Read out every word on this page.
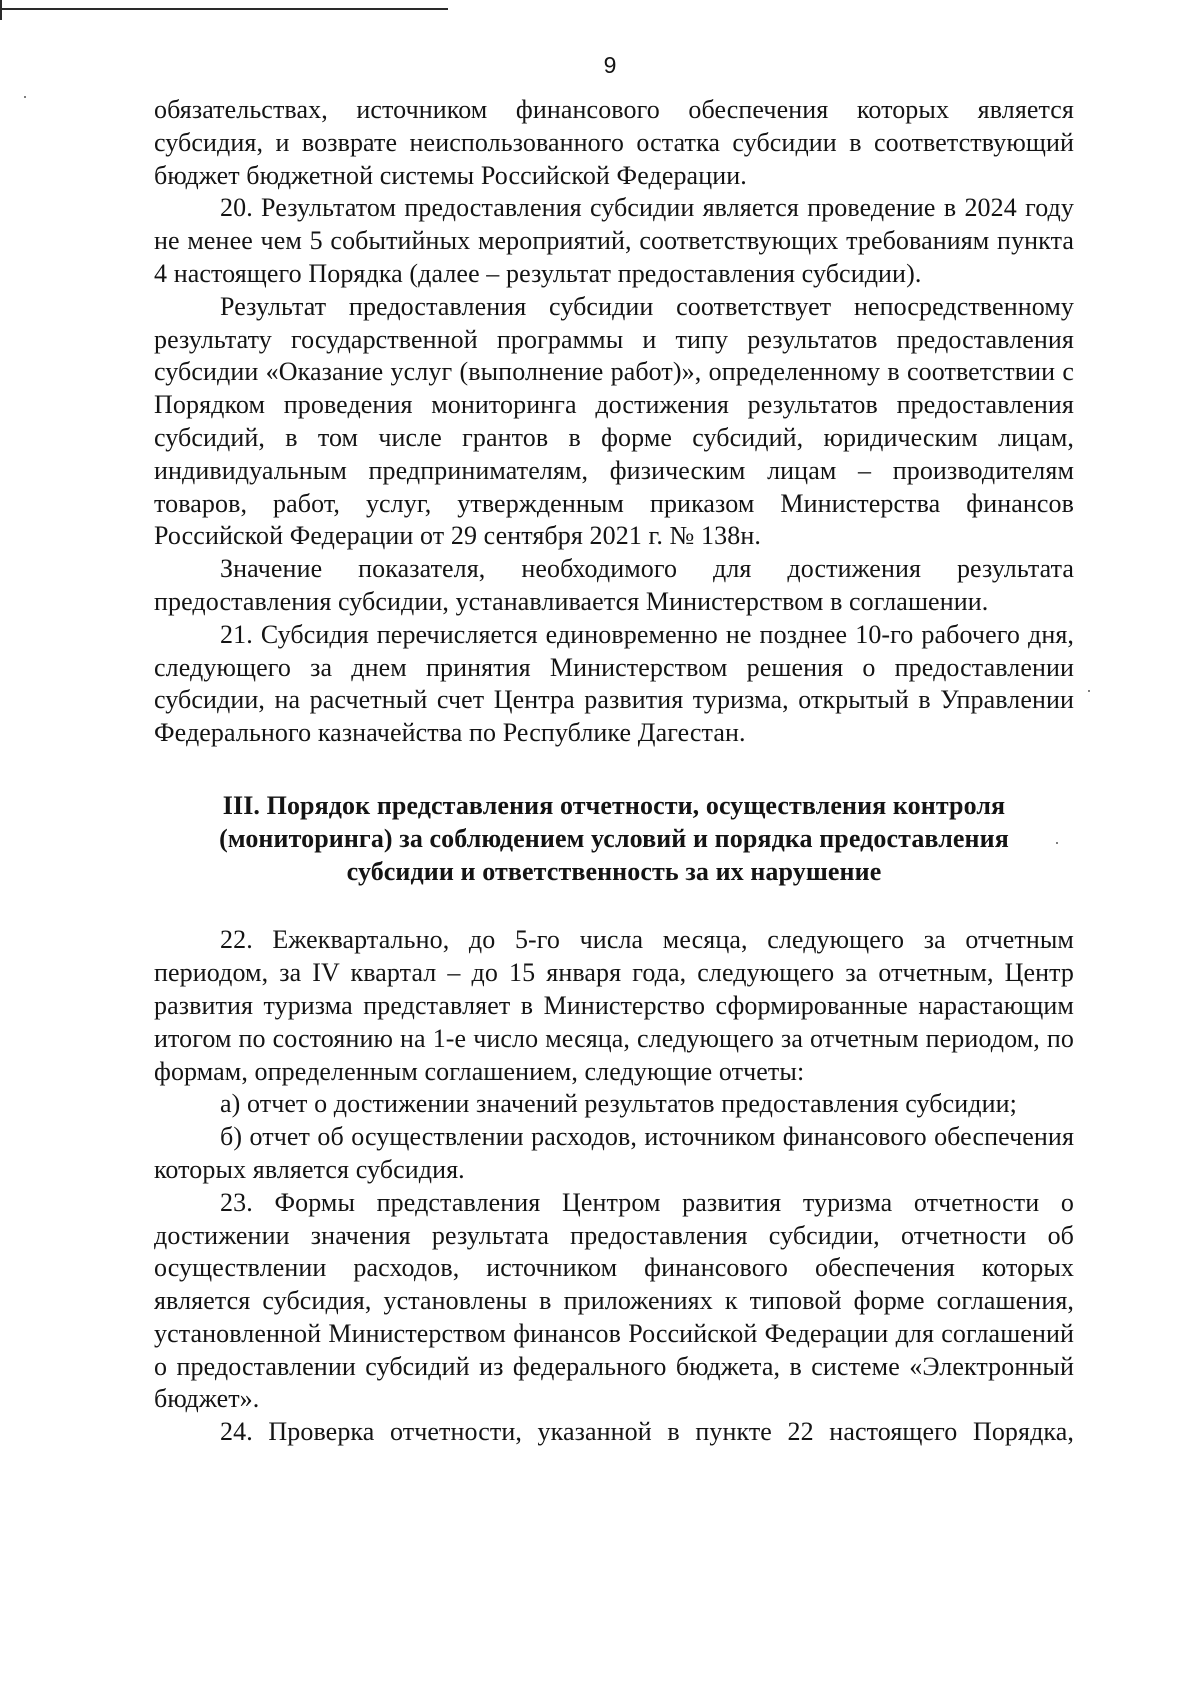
9

обязательствах, источником финансового обеспечения которых является субсидия, и возврате неиспользованного остатка субсидии в соответствующий бюджет бюджетной системы Российской Федерации.

20. Результатом предоставления субсидии является проведение в 2024 году не менее чем 5 событийных мероприятий, соответствующих требованиям пункта 4 настоящего Порядка (далее – результат предоставления субсидии).

Результат предоставления субсидии соответствует непосредственному результату государственной программы и типу результатов предоставления субсидии «Оказание услуг (выполнение работ)», определенному в соответствии с Порядком проведения мониторинга достижения результатов предоставления субсидий, в том числе грантов в форме субсидий, юридическим лицам, индивидуальным предпринимателям, физическим лицам – производителям товаров, работ, услуг, утвержденным приказом Министерства финансов Российской Федерации от 29 сентября 2021 г. № 138н.

Значение показателя, необходимого для достижения результата предоставления субсидии, устанавливается Министерством в соглашении.

21. Субсидия перечисляется единовременно не позднее 10-го рабочего дня, следующего за днем принятия Министерством решения о предоставлении субсидии, на расчетный счет Центра развития туризма, открытый в Управлении Федерального казначейства по Республике Дагестан.

III. Порядок представления отчетности, осуществления контроля (мониторинга) за соблюдением условий и порядка предоставления субсидии и ответственность за их нарушение

22. Ежеквартально, до 5-го числа месяца, следующего за отчетным периодом, за IV квартал – до 15 января года, следующего за отчетным, Центр развития туризма представляет в Министерство сформированные нарастающим итогом по состоянию на 1-е число месяца, следующего за отчетным периодом, по формам, определенным соглашением, следующие отчеты:

а) отчет о достижении значений результатов предоставления субсидии;

б) отчет об осуществлении расходов, источником финансового обеспечения которых является субсидия.

23. Формы представления Центром развития туризма отчетности о достижении значения результата предоставления субсидии, отчетности об осуществлении расходов, источником финансового обеспечения которых является субсидия, установлены в приложениях к типовой форме соглашения, установленной Министерством финансов Российской Федерации для соглашений о предоставлении субсидий из федерального бюджета, в системе «Электронный бюджет».

24. Проверка отчетности, указанной в пункте 22 настоящего Порядка,
